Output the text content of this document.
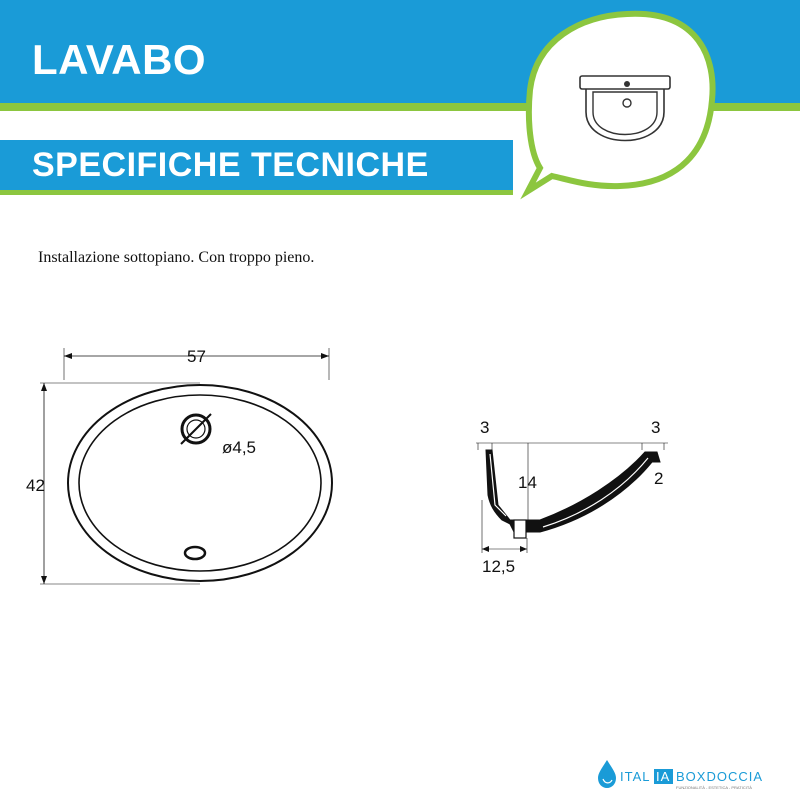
LAVABO
SPECIFICHE TECNICHE
Installazione sottopiano. Con troppo pieno.
57
42
ø4,5
3	3
14	2
12,5
ITAL IA BOXDOCCIA
FUNZIONALITÀ - ESTETICA - PRATICITÀ
